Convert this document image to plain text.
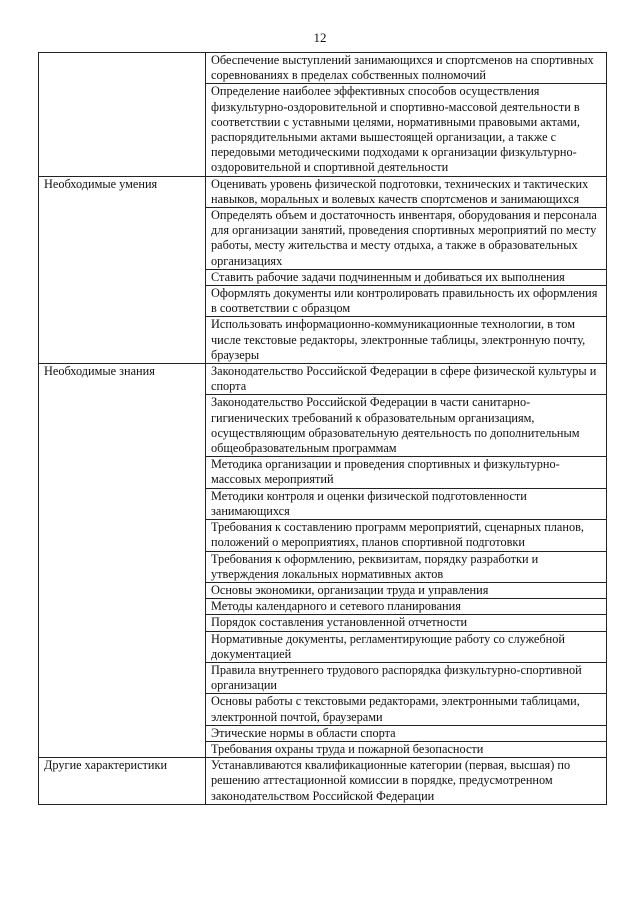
12
	Обеспечение выступлений занимающихся и спортсменов на спортивных соревнованиях в пределах собственных полномочий
	Определение наиболее эффективных способов осуществления физкультурно-оздоровительной и спортивно-массовой деятельности в соответствии с уставными целями, нормативными правовыми актами, распорядительными актами вышестоящей организации, а также с передовыми методическими подходами к организации физкультурно-оздоровительной и спортивной деятельности
Необходимые умения	Оценивать уровень физической подготовки, технических и тактических навыков, моральных и волевых качеств спортсменов и занимающихся
	Определять объем и достаточность инвентаря, оборудования и персонала для организации занятий, проведения спортивных мероприятий по месту работы, месту жительства и месту отдыха, а также в образовательных организациях
	Ставить рабочие задачи подчиненным и добиваться их выполнения
	Оформлять документы или контролировать правильность их оформления в соответствии с образцом
	Использовать информационно-коммуникационные технологии, в том числе текстовые редакторы, электронные таблицы, электронную почту, браузеры
Необходимые знания	Законодательство Российской Федерации в сфере физической культуры и спорта
	Законодательство Российской Федерации в части санитарно-гигиенических требований к образовательным организациям, осуществляющим образовательную деятельность по дополнительным общеобразовательным программам
	Методика организации и проведения спортивных и физкультурно-массовых мероприятий
	Методики контроля и оценки физической подготовленности занимающихся
	Требования к составлению программ мероприятий, сценарных планов, положений о мероприятиях, планов спортивной подготовки
	Требования к оформлению, реквизитам, порядку разработки и утверждения локальных нормативных актов
	Основы экономики, организации труда и управления
	Методы календарного и сетевого планирования
	Порядок составления установленной отчетности
	Нормативные документы, регламентирующие работу со служебной документацией
	Правила внутреннего трудового распорядка физкультурно-спортивной организации
	Основы работы с текстовыми редакторами, электронными таблицами, электронной почтой, браузерами
	Этические нормы в области спорта
	Требования охраны труда и пожарной безопасности
Другие характеристики	Устанавливаются квалификационные категории (первая, высшая) по решению аттестационной комиссии в порядке, предусмотренном законодательством Российской Федерации
